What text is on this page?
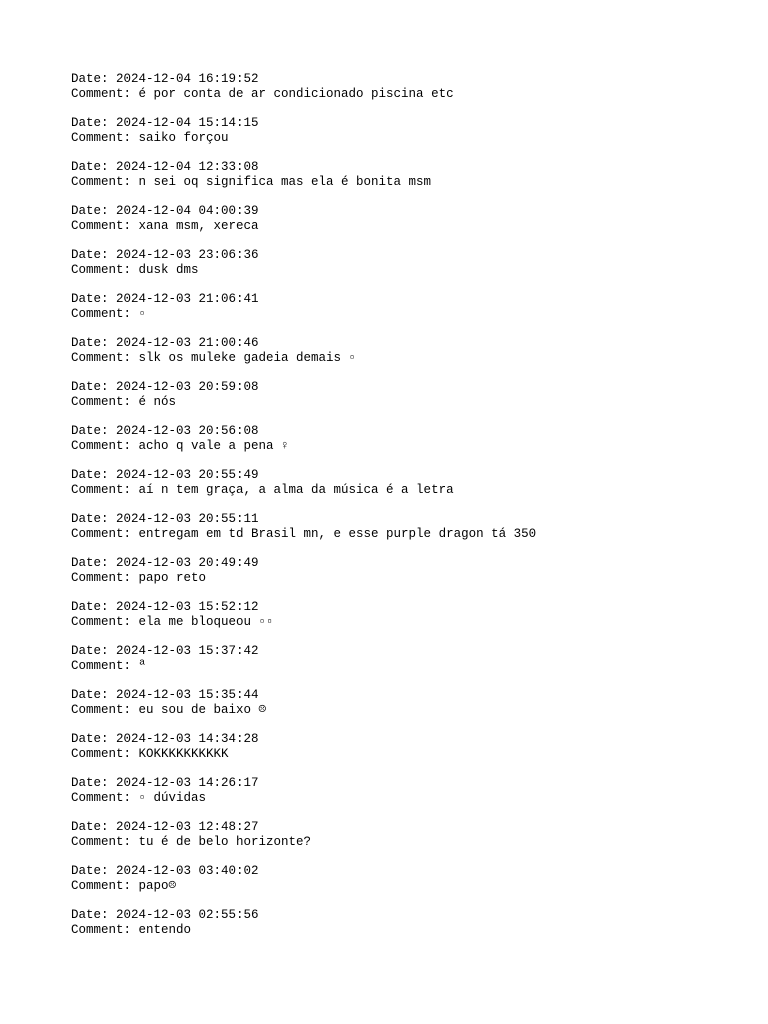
Date: 2024-12-04 16:19:52
Comment: é por conta de ar condicionado piscina etc
Date: 2024-12-04 15:14:15
Comment: saiko forçou
Date: 2024-12-04 12:33:08
Comment: n sei oq significa mas ela é bonita msm
Date: 2024-12-04 04:00:39
Comment: xana msm, xereca
Date: 2024-12-03 23:06:36
Comment: dusk dms
Date: 2024-12-03 21:06:41
Comment: ▫
Date: 2024-12-03 21:00:46
Comment: slk os muleke gadeia demais ▫
Date: 2024-12-03 20:59:08
Comment: é nós
Date: 2024-12-03 20:56:08
Comment: acho q vale a pena ♀
Date: 2024-12-03 20:55:49
Comment: aí n tem graça, a alma da música é a letra
Date: 2024-12-03 20:55:11
Comment: entregam em td Brasil mn, e esse purple dragon tá 350
Date: 2024-12-03 20:49:49
Comment: papo reto
Date: 2024-12-03 15:52:12
Comment: ela me bloqueou ▫▫
Date: 2024-12-03 15:37:42
Comment: ª
Date: 2024-12-03 15:35:44
Comment: eu sou de baixo ☹
Date: 2024-12-03 14:34:28
Comment: KOKKKKKKKKKK
Date: 2024-12-03 14:26:17
Comment: ▫ dúvidas
Date: 2024-12-03 12:48:27
Comment: tu é de belo horizonte?
Date: 2024-12-03 03:40:02
Comment: papo☹
Date: 2024-12-03 02:55:56
Comment: entendo
